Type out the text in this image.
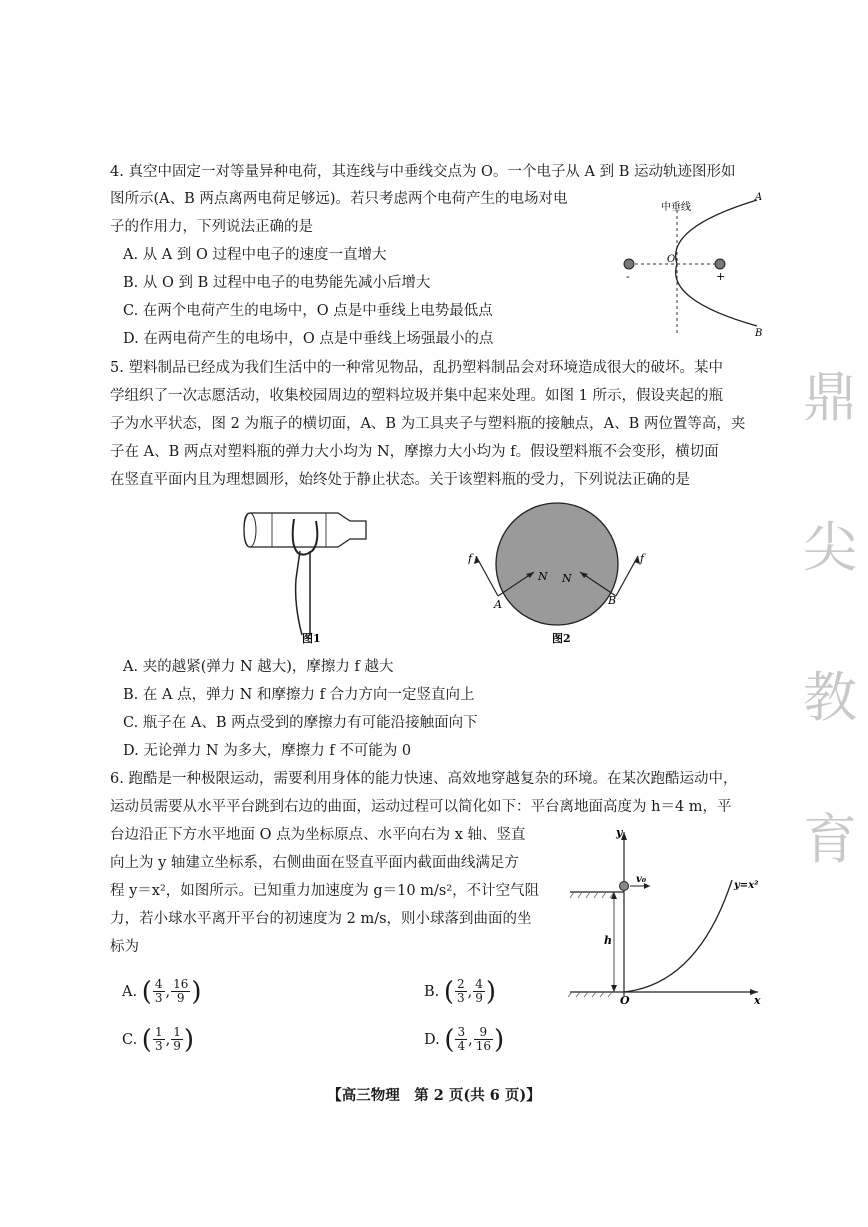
4. 真空中固定一对等量异种电荷，其连线与中垂线交点为 O。一个电子从 A 到 B 运动轨迹图形如
图所示(A、B 两点离两电荷足够远)。若只考虑两个电荷产生的电场对电
子的作用力，下列说法正确的是
A. 从 A 到 O 过程中电子的速度一直增大
B. 从 O 到 B 过程中电子的电势能先减小后增大
C. 在两个电荷产生的电场中，O 点是中垂线上电势最低点
D. 在两电荷产生的电场中，O 点是中垂线上场强最小的点
中垂线
A
B
O
-	+
5. 塑料制品已经成为我们生活中的一种常见物品，乱扔塑料制品会对环境造成很大的破坏。某中
学组织了一次志愿活动，收集校园周边的塑料垃圾并集中起来处理。如图 1 所示，假设夹起的瓶
子为水平状态，图 2 为瓶子的横切面，A、B 为工具夹子与塑料瓶的接触点，A、B 两位置等高，夹
子在 A、B 两点对塑料瓶的弹力大小均为 N，摩擦力大小均为 f。假设塑料瓶不会变形，横切面
在竖直平面内且为理想圆形，始终处于静止状态。关于该塑料瓶的受力，下列说法正确的是
图1
f	f
N N
A	B
图2
A. 夹的越紧(弹力 N 越大)，摩擦力 f 越大
B. 在 A 点，弹力 N 和摩擦力 f 合力方向一定竖直向上
C. 瓶子在 A、B 两点受到的摩擦力有可能沿接触面向下
D. 无论弹力 N 为多大，摩擦力 f 不可能为 0
6. 跑酷是一种极限运动，需要利用身体的能力快速、高效地穿越复杂的环境。在某次跑酷运动中，
运动员需要从水平平台跳到右边的曲面，运动过程可以简化如下：平台离地面高度为 h＝4 m，平
台边沿正下方水平地面 O 点为坐标原点、水平向右为 x 轴、竖直
向上为 y 轴建立坐标系，右侧曲面在竖直平面内截面曲线满足方
程 y＝x²，如图所示。已知重力加速度为 g＝10 m/s²，不计空气阻
力，若小球水平离开平台的初速度为 2 m/s，则小球落到曲面的坐
标为
y
x
O
h
v₀
y=x²
A.
( $\frac{4}{3}$ , $\frac{16}{9}$ )	B.
( $\frac{2}{3}$ , $\frac{4}{9}$ )
C.
( $\frac{1}{3}$ , $\frac{1}{9}$ )	D.
( $\frac{3}{4}$ , $\frac{9}{16}$ )
鼎
尖
教
育
【高三物理　第 2 页(共 6 页)】
